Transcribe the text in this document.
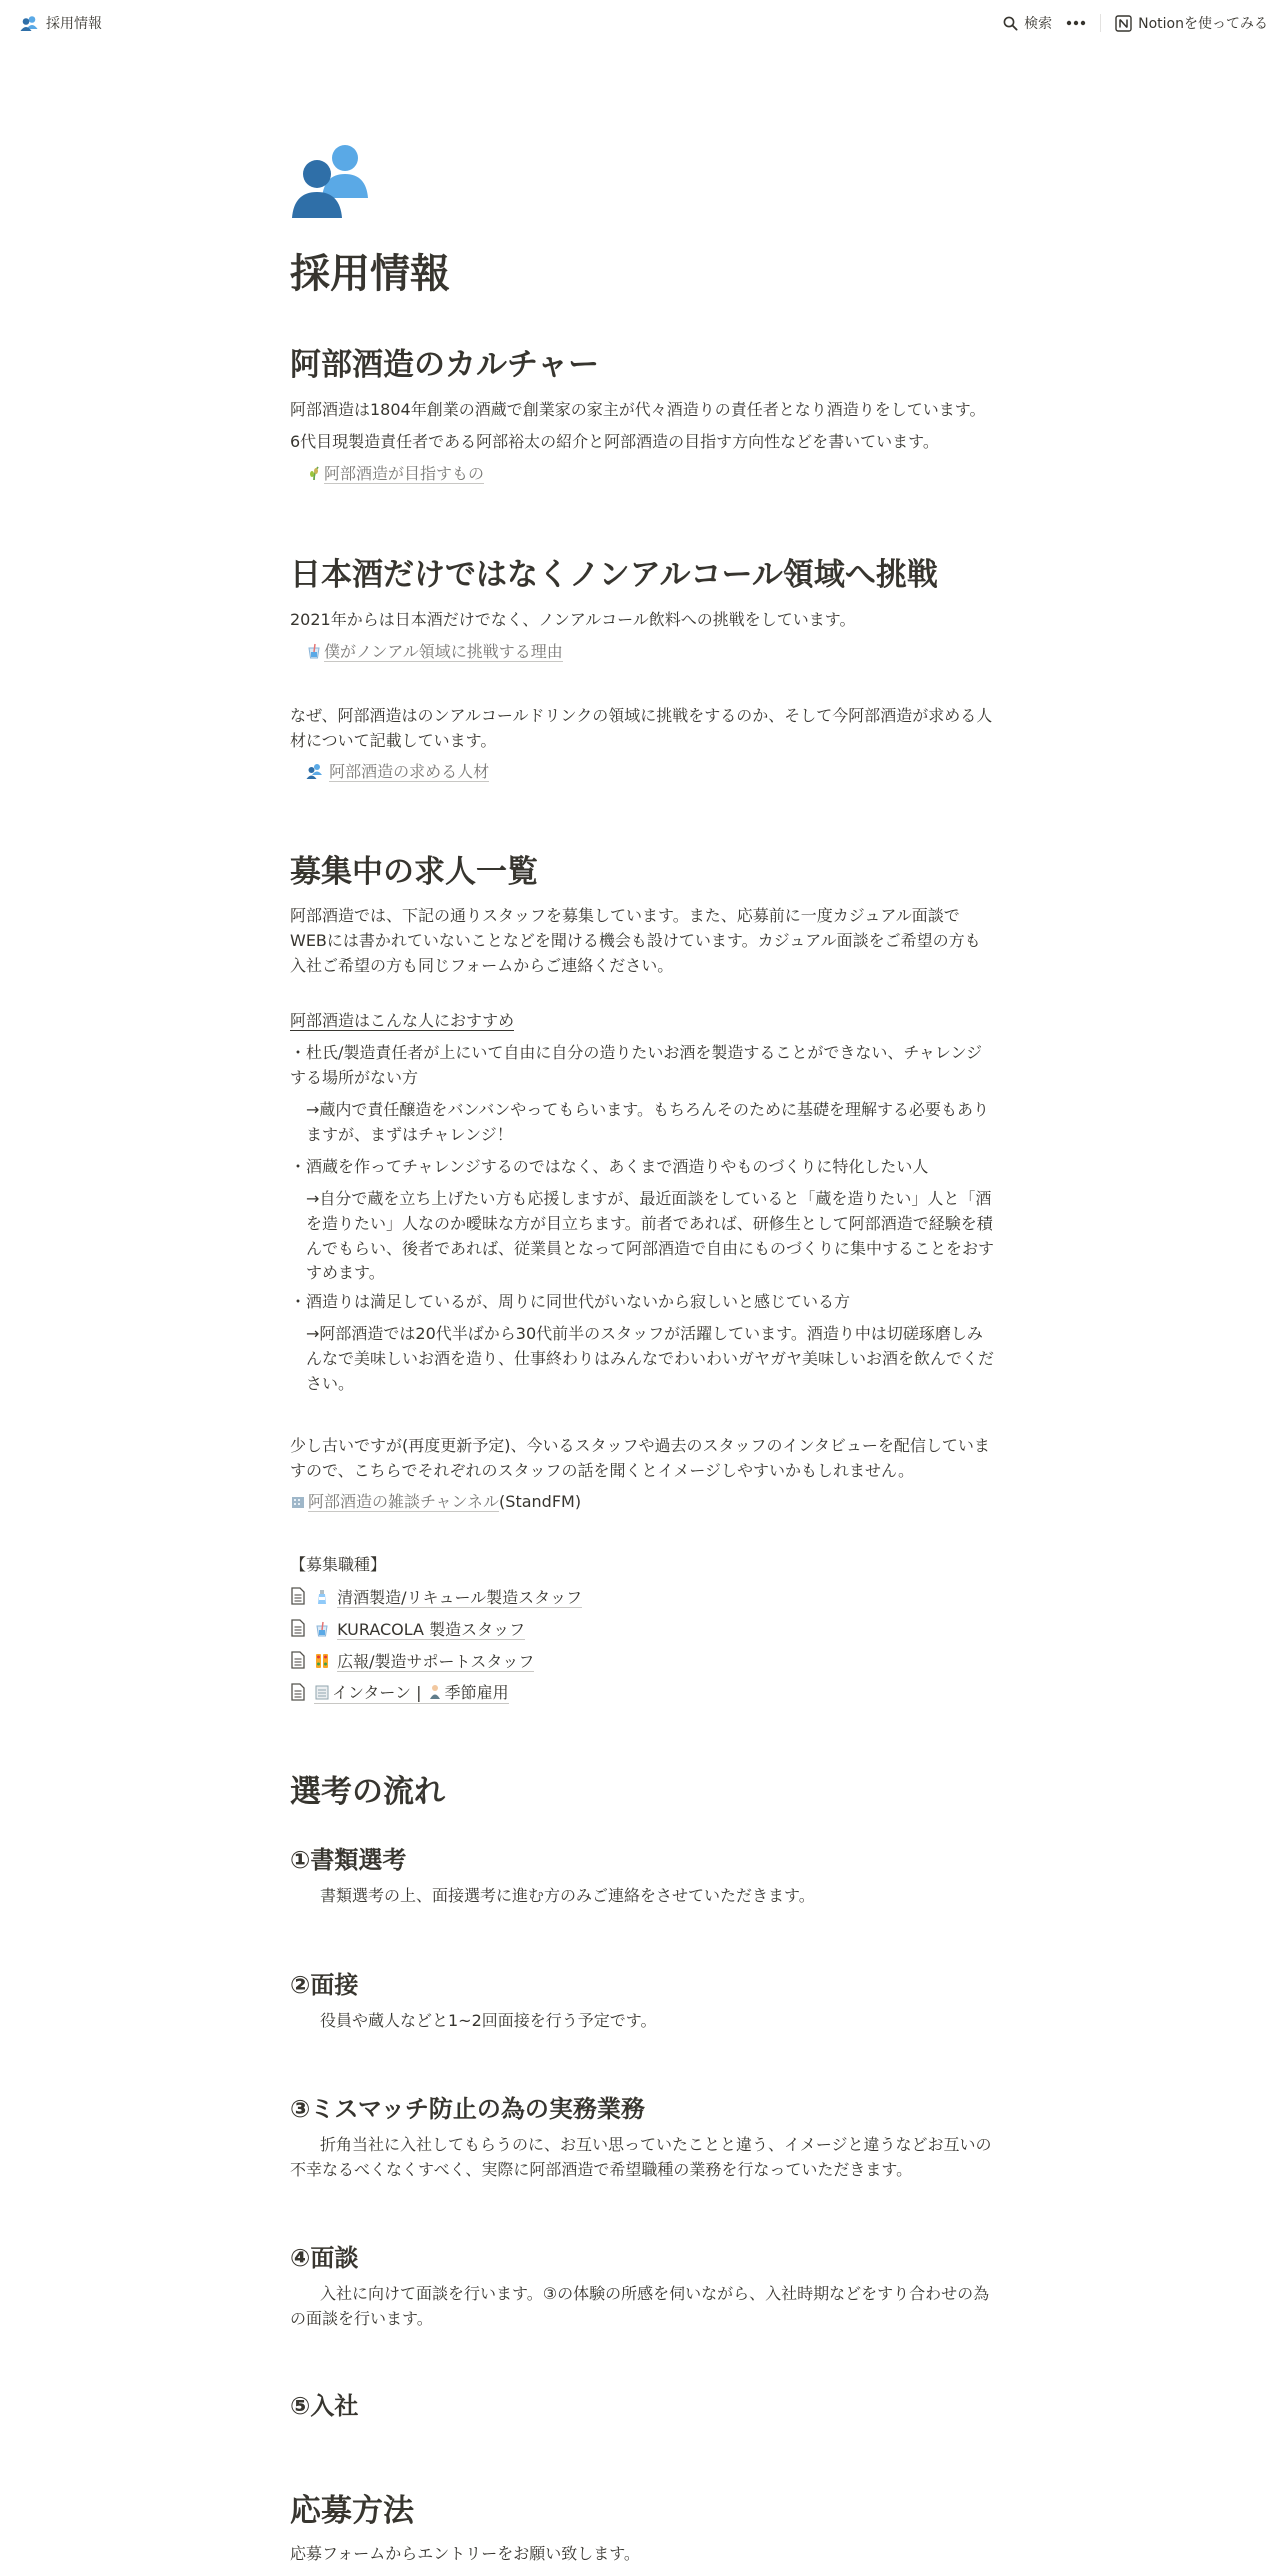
採用情報	検索	Notionを使ってみる
採用情報
阿部酒造のカルチャー

阿部酒造は1804年創業の酒蔵で創業家の家主が代々酒造りの責任者となり酒造りをしています。

6代目現製造責任者である阿部裕太の紹介と阿部酒造の目指す方向性などを書いています。

阿部酒造が目指すもの

日本酒だけではなくノンアルコール領域へ挑戦

2021年からは日本酒だけでなく、ノンアルコール飲料への挑戦をしています。

僕がノンアル領域に挑戦する理由

なぜ、阿部酒造はのンアルコールドリンクの領域に挑戦をするのか、そして今阿部酒造が求める人材について記載しています。

阿部酒造の求める人材

募集中の求人一覧

阿部酒造では、下記の通りスタッフを募集しています。また、応募前に一度カジュアル面談でWEBには書かれていないことなどを聞ける機会も設けています。カジュアル面談をご希望の方も入社ご希望の方も同じフォームからご連絡ください。

阿部酒造はこんな人におすすめ

・杜氏/製造責任者が上にいて自由に自分の造りたいお酒を製造することができない、チャレンジする場所がない方

→蔵内で責任醸造をバンバンやってもらいます。もちろんそのために基礎を理解する必要もありますが、まずはチャレンジ！

・酒蔵を作ってチャレンジするのではなく、あくまで酒造りやものづくりに特化したい人

→自分で蔵を立ち上げたい方も応援しますが、最近面談をしていると「蔵を造りたい」人と「酒を造りたい」人なのか曖昧な方が目立ちます。前者であれば、研修生として阿部酒造で経験を積んでもらい、後者であれば、従業員となって阿部酒造で自由にものづくりに集中することをおすすめます。

・酒造りは満足しているが、周りに同世代がいないから寂しいと感じている方

→阿部酒造では20代半ばから30代前半のスタッフが活躍しています。酒造り中は切磋琢磨しみんなで美味しいお酒を造り、仕事終わりはみんなでわいわいガヤガヤ美味しいお酒を飲んでください。

少し古いですが(再度更新予定)、今いるスタッフや過去のスタッフのインタビューを配信していますので、こちらでそれぞれのスタッフの話を聞くとイメージしやすいかもしれません。

阿部酒造の雑談チャンネル(StandFM)

【募集職種】

清酒製造/リキュール製造スタッフ
KURACOLA 製造スタッフ
広報/製造サポートスタッフ
インターン | 季節雇用
選考の流れ
①書類選考

書類選考の上、面接選考に進む方のみご連絡をさせていただきます。

②面接

役員や蔵人などと1~2回面接を行う予定です。

③ミスマッチ防止の為の実務業務

折角当社に入社してもらうのに、お互い思っていたことと違う、イメージと違うなどお互いの不幸なるべくなくすべく、実際に阿部酒造で希望職種の業務を行なっていただきます。

④面談

入社に向けて面談を行います。③の体験の所感を伺いながら、入社時期などをすり合わせの為の面談を行います。

⑤入社
応募方法

応募フォームからエントリーをお願い致します。
